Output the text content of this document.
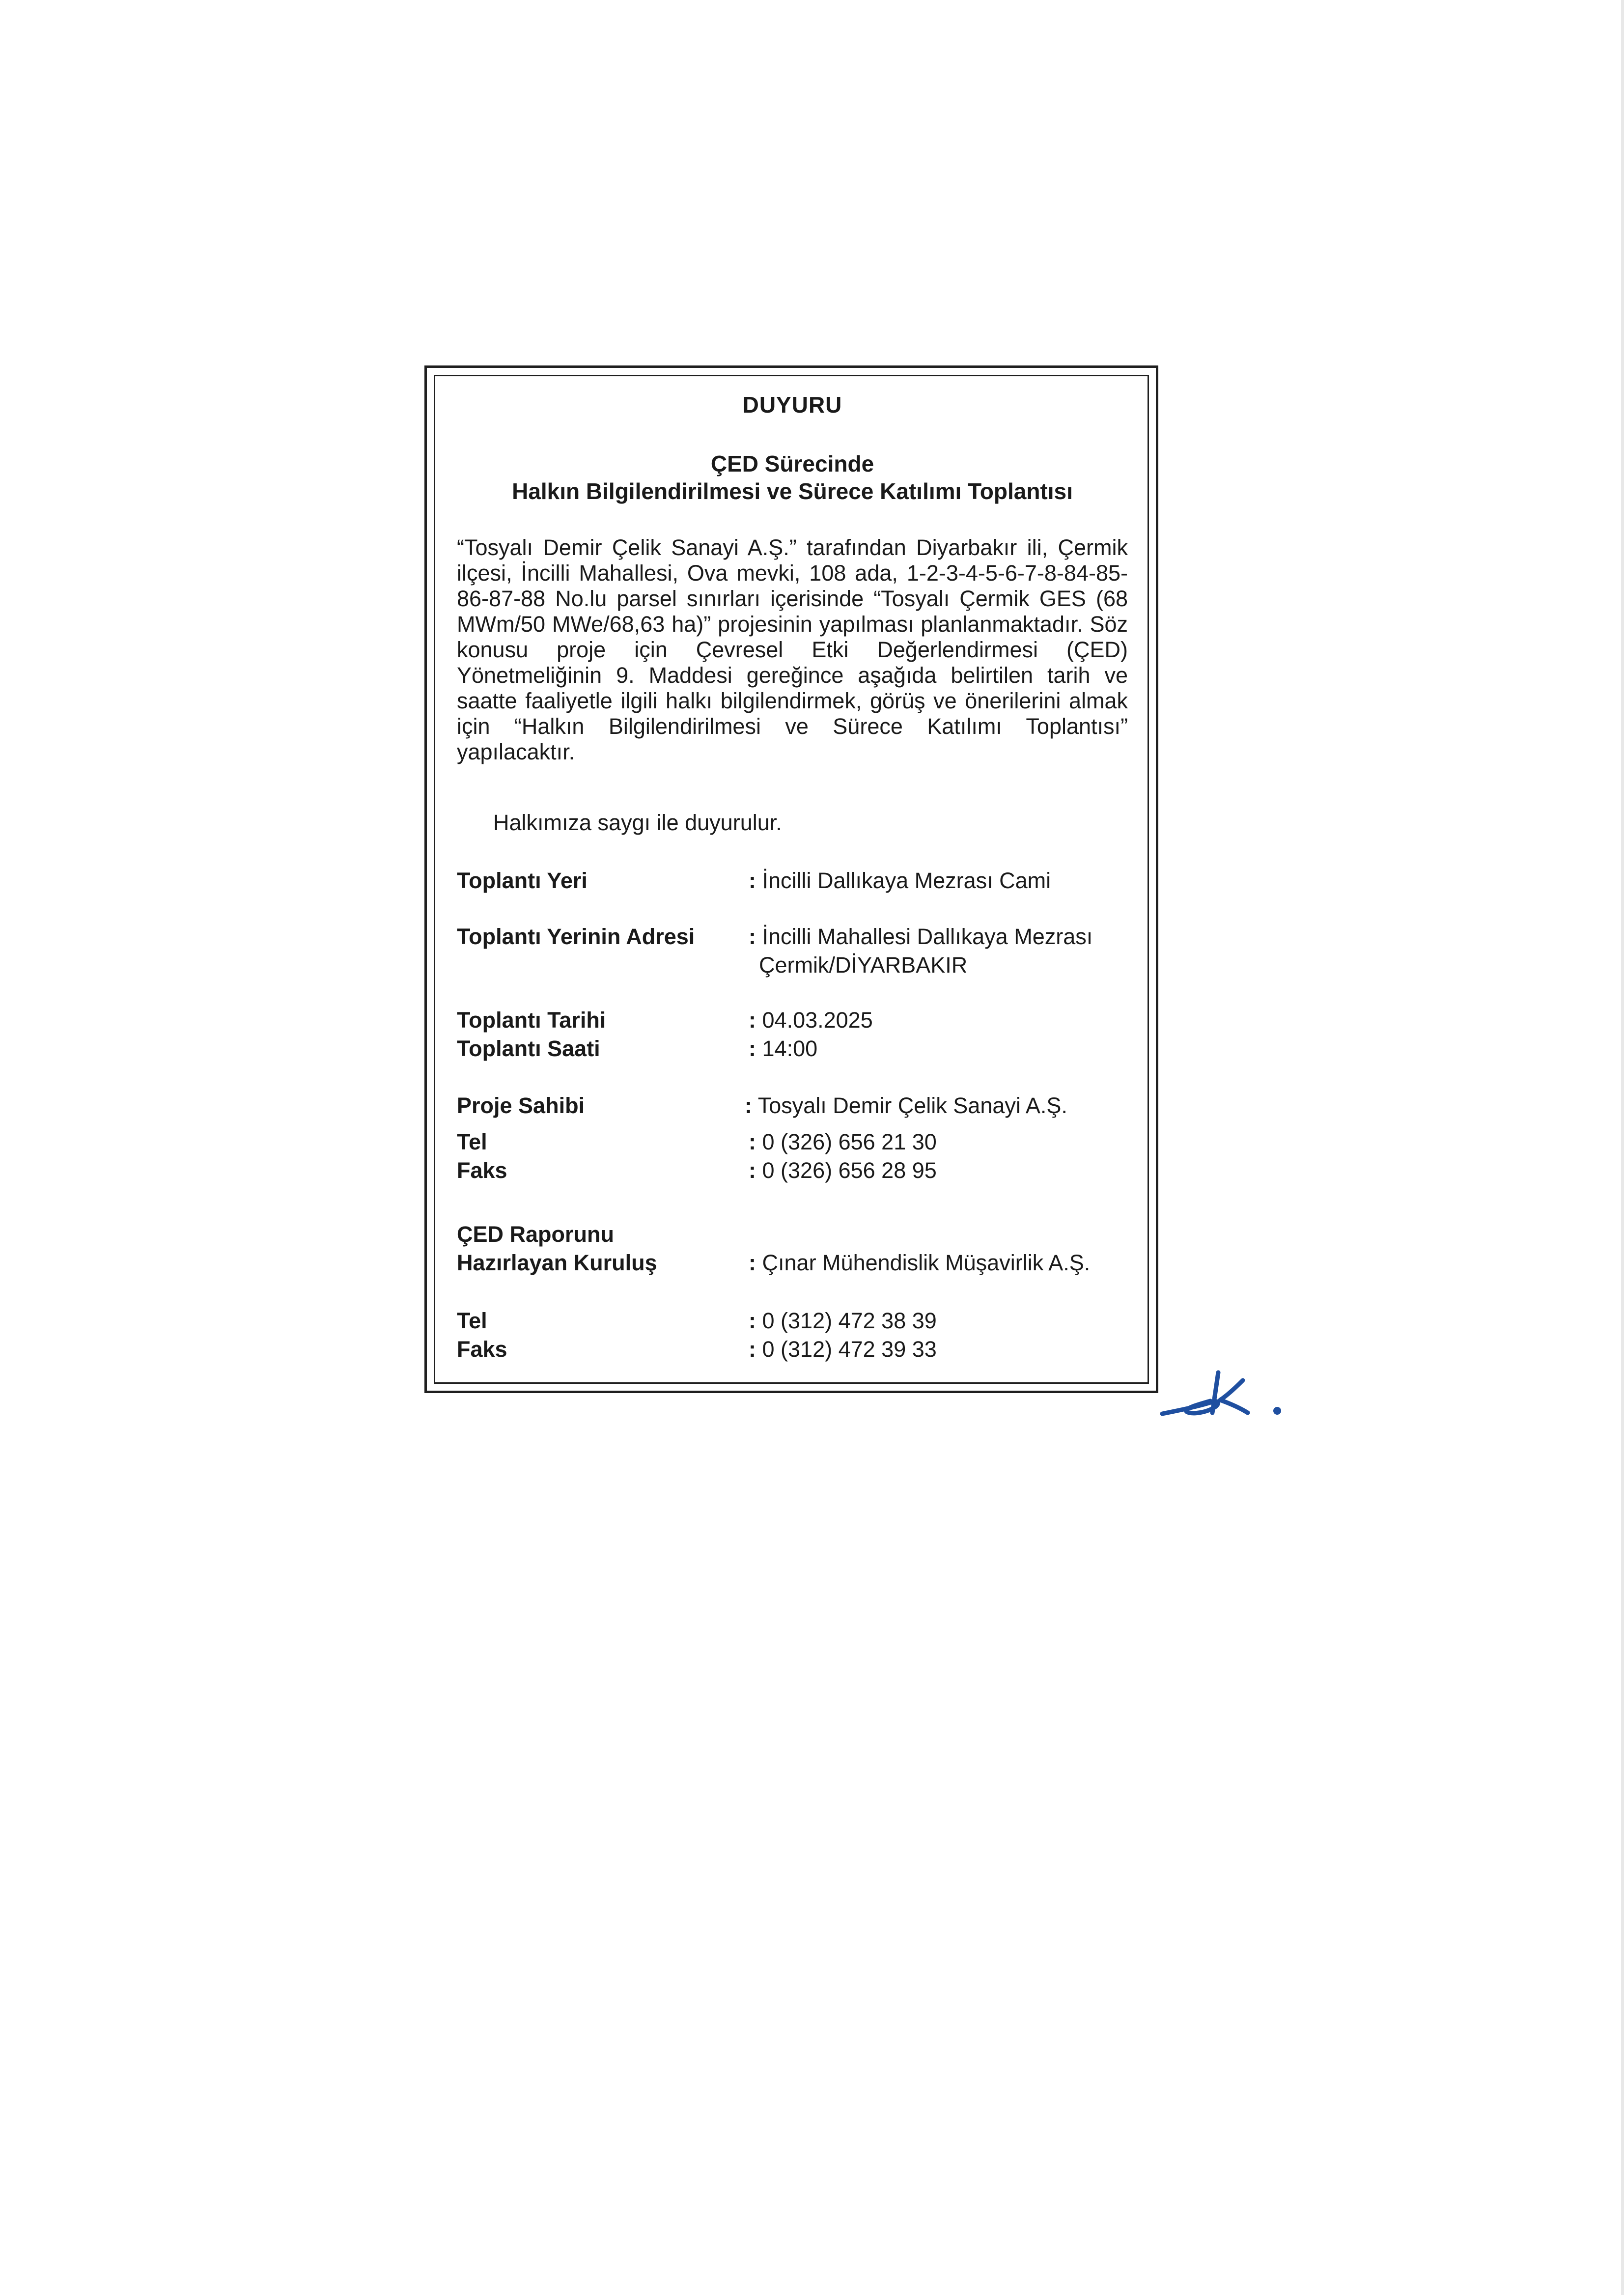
DUYURU
ÇED Sürecinde
Halkın Bilgilendirilmesi ve Sürece Katılımı Toplantısı
“Tosyalı Demir Çelik Sanayi A.Ş.” tarafından Diyarbakır ili, Çermik ilçesi, İncilli Mahallesi, Ova mevki, 108 ada, 1-2-3-4-5-6-7-8-84-85-86-87-88 No.lu parsel sınırları içerisinde “Tosyalı Çermik GES (68 MWm/50 MWe/68,63 ha)” projesinin yapılması planlanmaktadır. Söz konusu proje için Çevresel Etki Değerlendirmesi (ÇED) Yönetmeliğinin 9. Maddesi gereğince aşağıda belirtilen tarih ve saatte faaliyetle ilgili halkı bilgilendirmek, görüş ve önerilerini almak için “Halkın Bilgilendirilmesi ve Sürece Katılımı Toplantısı” yapılacaktır.
Halkımıza saygı ile duyurulur.
Toplantı Yeri	: İncilli Dallıkaya Mezrası Cami
Toplantı Yerinin Adresi : İncilli Mahallesi Dallıkaya Mezrası
Çermik/DİYARBAKIR
Toplantı Tarihi	: 04.03.2025
Toplantı Saati	: 14:00
Proje Sahibi	: Tosyalı Demir Çelik Sanayi A.Ş.
Tel	: 0 (326) 656 21 30
Faks	: 0 (326) 656 28 95
ÇED Raporunu
Hazırlayan Kuruluş	: Çınar Mühendislik Müşavirlik A.Ş.
Tel	: 0 (312) 472 38 39
Faks	: 0 (312) 472 39 33
